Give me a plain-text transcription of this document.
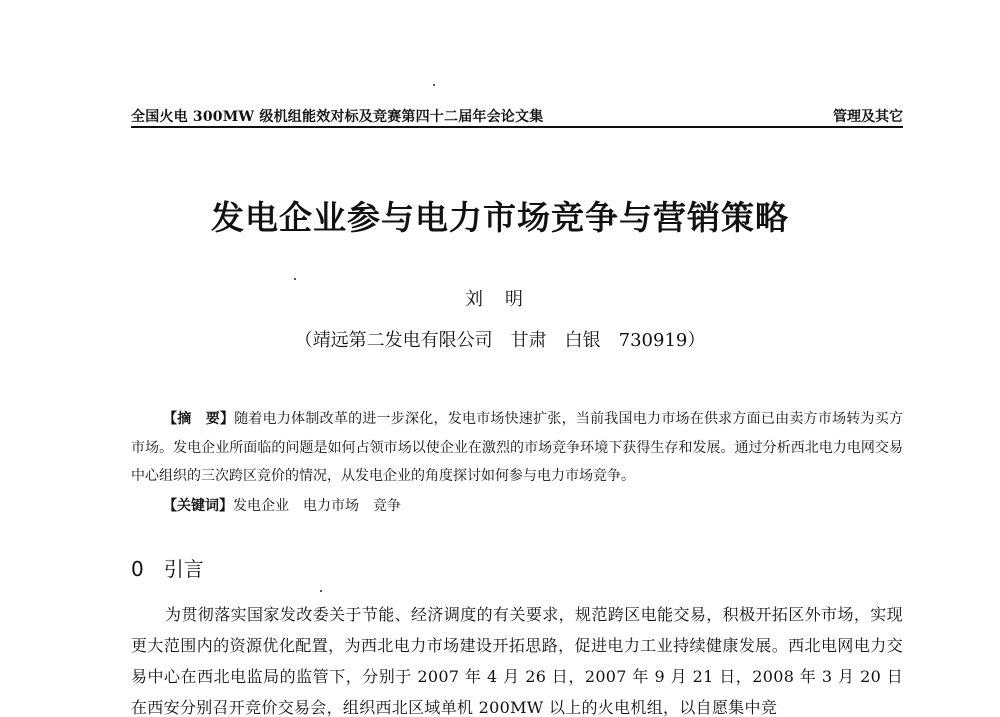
全国火电 300MW 级机组能效对标及竞赛第四十二届年会论文集	管理及其它
发电企业参与电力市场竞争与营销策略
刘明
（靖远第二发电有限公司　甘肃　白银　730919）
【摘　要】随着电力体制改革的进一步深化，发电市场快速扩张，当前我国电力市场在供求方面已由卖方市场转为买方市场。发电企业所面临的问题是如何占领市场以使企业在激烈的市场竞争环境下获得生存和发展。通过分析西北电力电网交易中心组织的三次跨区竞价的情况，从发电企业的角度探讨如何参与电力市场竞争。
【关键词】发电企业 电力市场 竞争
0 引言
为贯彻落实国家发改委关于节能、经济调度的有关要求，规范跨区电能交易，积极开拓区外市场，实现更大范围内的资源优化配置，为西北电力市场建设开拓思路，促进电力工业持续健康发展。西北电网电力交易中心在西北电监局的监管下，分别于 2007 年 4 月 26 日，2007 年 9 月 21 日，2008 年 3 月 20 日在西安分别召开竞价交易会，组织西北区域单机 200MW 以上的火电机组，以自愿集中竞
